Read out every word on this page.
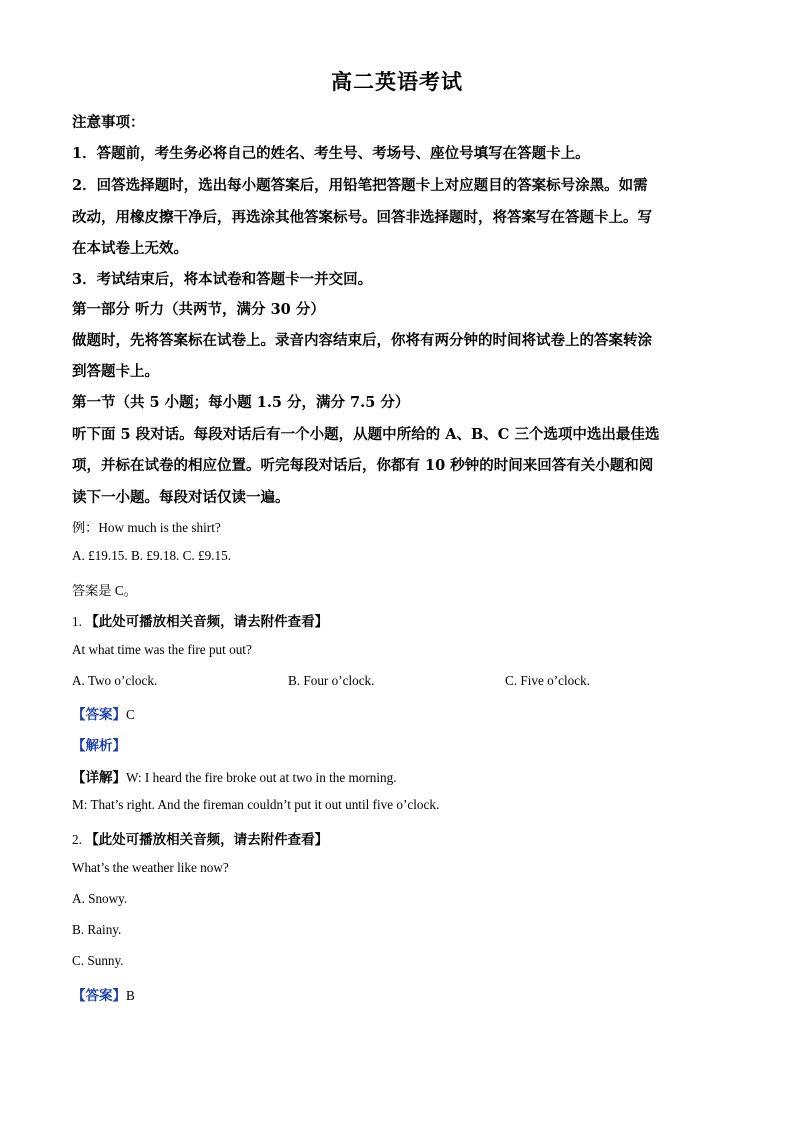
高二英语考试
注意事项：
1．答题前，考生务必将自己的姓名、考生号、考场号、座位号填写在答题卡上。
2．回答选择题时，选出每小题答案后，用铅笔把答题卡上对应题目的答案标号涂黑。如需
改动，用橡皮擦干净后，再选涂其他答案标号。回答非选择题时，将答案写在答题卡上。写
在本试卷上无效。
3．考试结束后，将本试卷和答题卡一并交回。
第一部分 听力（共两节，满分 30 分）
做题时，先将答案标在试卷上。录音内容结束后，你将有两分钟的时间将试卷上的答案转涂
到答题卡上。
第一节（共 5 小题；每小题 1.5 分，满分 7.5 分）
听下面 5 段对话。每段对话后有一个小题，从题中所给的 A、B、C 三个选项中选出最佳选
项，并标在试卷的相应位置。听完每段对话后，你都有 10 秒钟的时间来回答有关小题和阅
读下一小题。每段对话仅读一遍。
例：How much is the shirt?
A. £19.15. B. £9.18. C. £9.15.
答案是 C。
1. 【此处可播放相关音频，请去附件查看】
At what time was the fire put out?
A. Two o’clock.	B. Four o’clock.	C. Five o’clock.
【答案】C
【解析】
【详解】W: I heard the fire broke out at two in the morning.
M: That’s right. And the fireman couldn’t put it out until five o’clock.
2. 【此处可播放相关音频，请去附件查看】
What’s the weather like now?
A. Snowy.
B. Rainy.
C. Sunny.
【答案】B
